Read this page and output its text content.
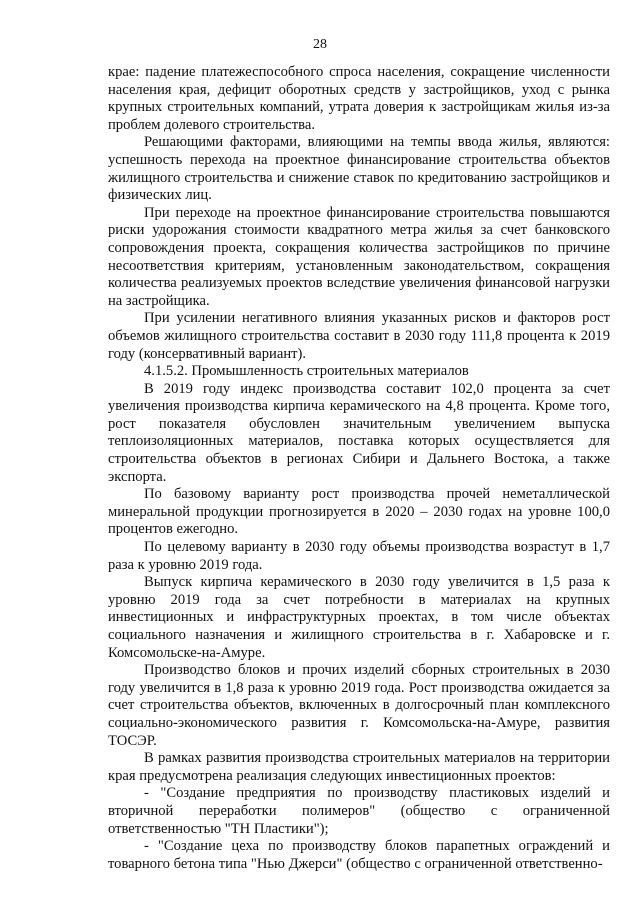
28

крае: падение платежеспособного спроса населения, сокращение численности населения края, дефицит оборотных средств у застройщиков, уход с рынка крупных строительных компаний, утрата доверия к застройщикам жилья из-за проблем долевого строительства.

Решающими факторами, влияющими на темпы ввода жилья, являются: успешность перехода на проектное финансирование строительства объектов жилищного строительства и снижение ставок по кредитованию застройщиков и физических лиц.

При переходе на проектное финансирование строительства повышаются риски удорожания стоимости квадратного метра жилья за счет банковского сопровождения проекта, сокращения количества застройщиков по причине несоответствия критериям, установленным законодательством, сокращения количества реализуемых проектов вследствие увеличения финансовой нагрузки на застройщика.

При усилении негативного влияния указанных рисков и факторов рост объемов жилищного строительства составит в 2030 году 111,8 процента к 2019 году (консервативный вариант).

4.1.5.2. Промышленность строительных материалов

В 2019 году индекс производства составит 102,0 процента за счет увеличения производства кирпича керамического на 4,8 процента. Кроме того, рост показателя обусловлен значительным увеличением выпуска теплоизоляционных материалов, поставка которых осуществляется для строительства объектов в регионах Сибири и Дальнего Востока, а также экспорта.

По базовому варианту рост производства прочей неметаллической минеральной продукции прогнозируется в 2020 – 2030 годах на уровне 100,0 процентов ежегодно.

По целевому варианту в 2030 году объемы производства возрастут в 1,7 раза к уровню 2019 года.

Выпуск кирпича керамического в 2030 году увеличится в 1,5 раза к уровню 2019 года за счет потребности в материалах на крупных инвестиционных и инфраструктурных проектах, в том числе объектах социального назначения и жилищного строительства в г. Хабаровске и г. Комсомольске-на-Амуре.

Производство блоков и прочих изделий сборных строительных в 2030 году увеличится в 1,8 раза к уровню 2019 года. Рост производства ожидается за счет строительства объектов, включенных в долгосрочный план комплексного социально-экономического развития г. Комсомольска-на-Амуре, развития ТОСЭР.

В рамках развития производства строительных материалов на территории края предусмотрена реализация следующих инвестиционных проектов:

- "Создание предприятия по производству пластиковых изделий и вторичной переработки полимеров" (общество с ограниченной ответственностью "ТН Пластики");

- "Создание цеха по производству блоков парапетных ограждений и товарного бетона типа "Нью Джерси" (общество с ограниченной ответственно-
